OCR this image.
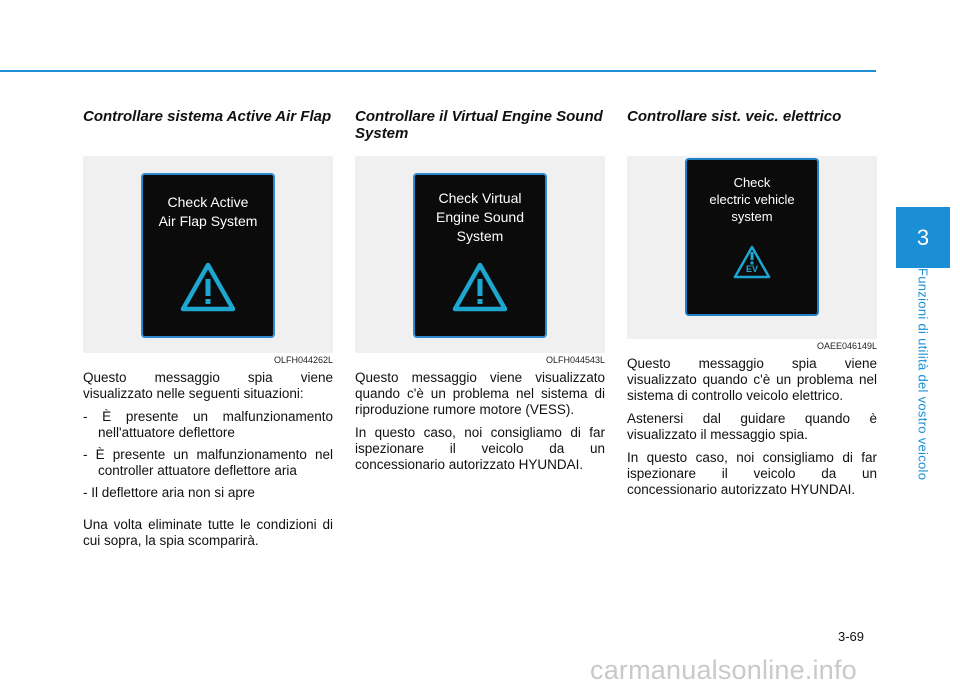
Controllare sistema Active Air Flap
Check Active
Air Flap System
OLFH044262L

Questo messaggio spia viene visualizzato nelle seguenti situazioni:

- È presente un malfunzionamento nell'attuatore deflettore
- È presente un malfunzionamento nel controller attuatore deflettore aria
- Il deflettore aria non si apre

Una volta eliminate tutte le condizioni di cui sopra, la spia scomparirà.

Controllare il Virtual Engine Sound System
Check Virtual
Engine Sound
System
OLFH044543L

Questo messaggio viene visualizzato quando c'è un problema nel sistema di riproduzione rumore motore (VESS).

In questo caso, noi consigliamo di far ispezionare il veicolo da un concessionario autorizzato HYUNDAI.

Controllare sist. veic. elettrico
Check
electric vehicle
system
EV
OAEE046149L

Questo messaggio spia viene visualizzato quando c'è un problema nel sistema di controllo veicolo elettrico.

Astenersi dal guidare quando è visualizzato il messaggio spia.

In questo caso, noi consigliamo di far ispezionare il veicolo da un concessionario autorizzato HYUNDAI.

3
Funzioni di utilità del vostro veicolo
3-69
carmanualsonline.info
